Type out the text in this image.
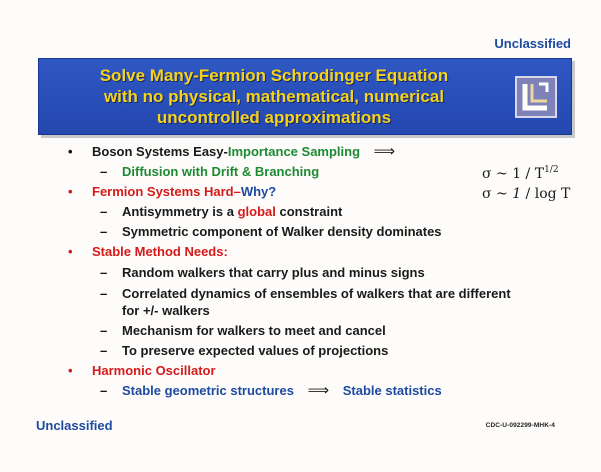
Unclassified
Solve Many-Fermion Schrodinger Equation
with no physical, mathematical, numerical
uncontrolled approximations
• Boson Systems Easy-Importance Sampling ⟹
– Diffusion with Drift & Branching
• Fermion Systems Hard–Why?
– Antisymmetry is a global constraint
– Symmetric component of Walker density dominates
• Stable Method Needs:
– Random walkers that carry plus and minus signs
– Correlated dynamics of ensembles of walkers that are different
for +/- walkers
– Mechanism for walkers to meet and cancel
– To preserve expected values of projections
• Harmonic Oscillator
– Stable geometric structures ⟹ Stable statistics
σ ~ $1 / T^{1/2}$
σ ~ 1 / log T
Unclassified	CDC-U-092299-MHK-4
